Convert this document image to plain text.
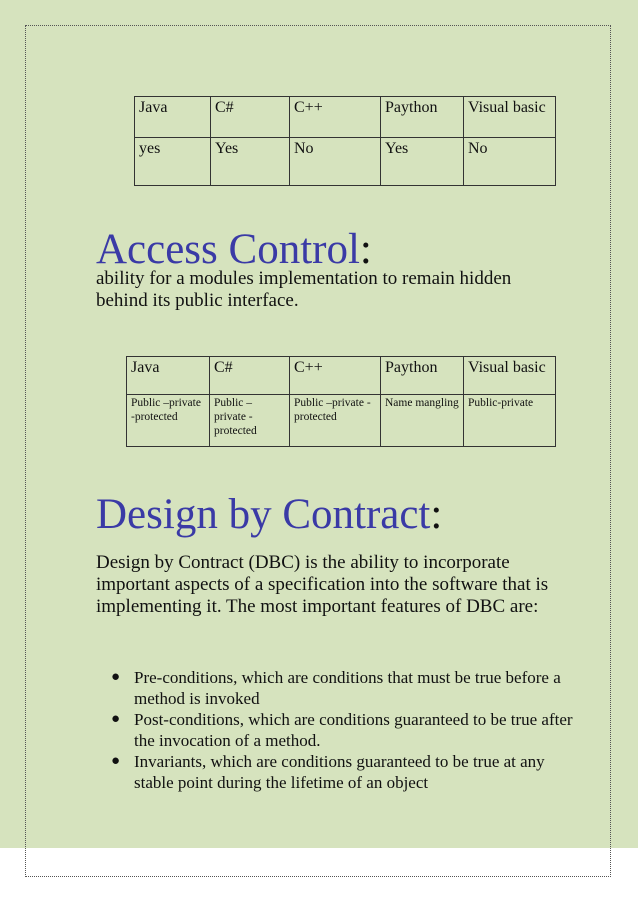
Java	C#	C++	Paython	Visual basic
yes	Yes	No	Yes	No
Access Control:

ability for a modules implementation to remain hidden behind its public interface.

Java	C#	C++	Paython	Visual basic
Public –private -protected	Public – private -protected	Public –private -protected	Name mangling	Public-private
Design by Contract:

Design by Contract (DBC) is the ability to incorporate important aspects of a specification into the software that is implementing it. The most important features of DBC are:

● Pre-conditions, which are conditions that must be true before a method is invoked
● Post-conditions, which are conditions guaranteed to be true after the invocation of a method.
● Invariants, which are conditions guaranteed to be true at any stable point during the lifetime of an object
